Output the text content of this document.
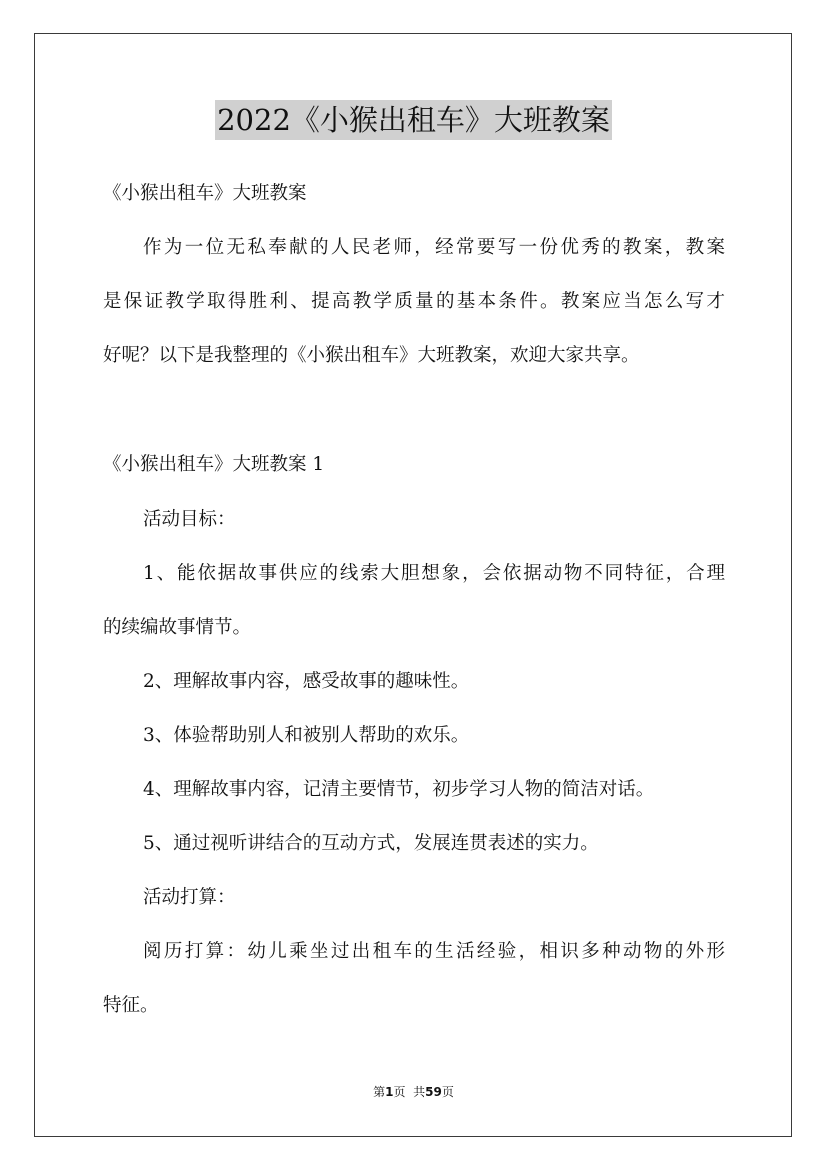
2022《小猴出租车》大班教案
《小猴出租车》大班教案
作为一位无私奉献的人民老师，经常要写一份优秀的教案，教案
是保证教学取得胜利、提高教学质量的基本条件。教案应当怎么写才
好呢？以下是我整理的《小猴出租车》大班教案，欢迎大家共享。
《小猴出租车》大班教案 1
活动目标：
1、能依据故事供应的线索大胆想象，会依据动物不同特征，合理
的续编故事情节。
2、理解故事内容，感受故事的趣味性。
3、体验帮助别人和被别人帮助的欢乐。
4、理解故事内容，记清主要情节，初步学习人物的简洁对话。
5、通过视听讲结合的互动方式，发展连贯表述的实力。
活动打算：
阅历打算：幼儿乘坐过出租车的生活经验，相识多种动物的外形
特征。
第1页  共59页
